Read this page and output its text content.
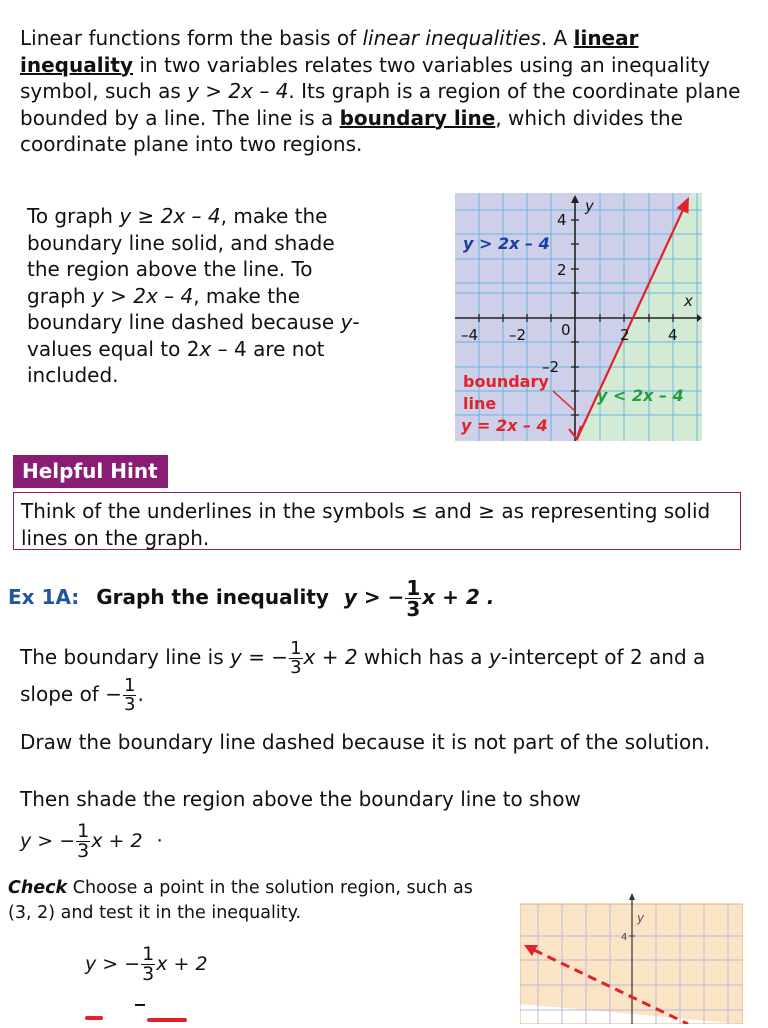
Linear functions form the basis of linear inequalities. A linear inequality in two variables relates two variables using an inequality symbol, such as y > 2x – 4. Its graph is a region of the coordinate plane bounded by a line. The line is a boundary line, which divides the coordinate plane into two regions.
To graph y ≥ 2x – 4, make the boundary line solid, and shade the region above the line. To graph y > 2x – 4, make the boundary line dashed because y-values equal to 2x – 4 are not included.
y
x
–4 –2 0	2	4
4
2
–2
y > 2x – 4
y < 2x – 4
boundary
line
y = 2x – 4
Helpful Hint
Think of the underlines in the symbols ≤ and ≥ as representing solid lines on the graph.
Ex 1A: Graph the inequality y > − $\frac{1}{3}$ x + 2 .
The boundary line is y = − $\frac{1}{3}$ x + 2 which has a y-intercept of 2 and a slope of − $\frac{1}{3}$ .
Draw the boundary line dashed because it is not part of the solution.
Then shade the region above the boundary line to show
y > − $\frac{1}{3}$ x + 2 ·
Check Choose a point in the solution region, such as (3, 2) and test it in the inequality.
y > − $\frac{1}{3}$ x + 2
y
4
